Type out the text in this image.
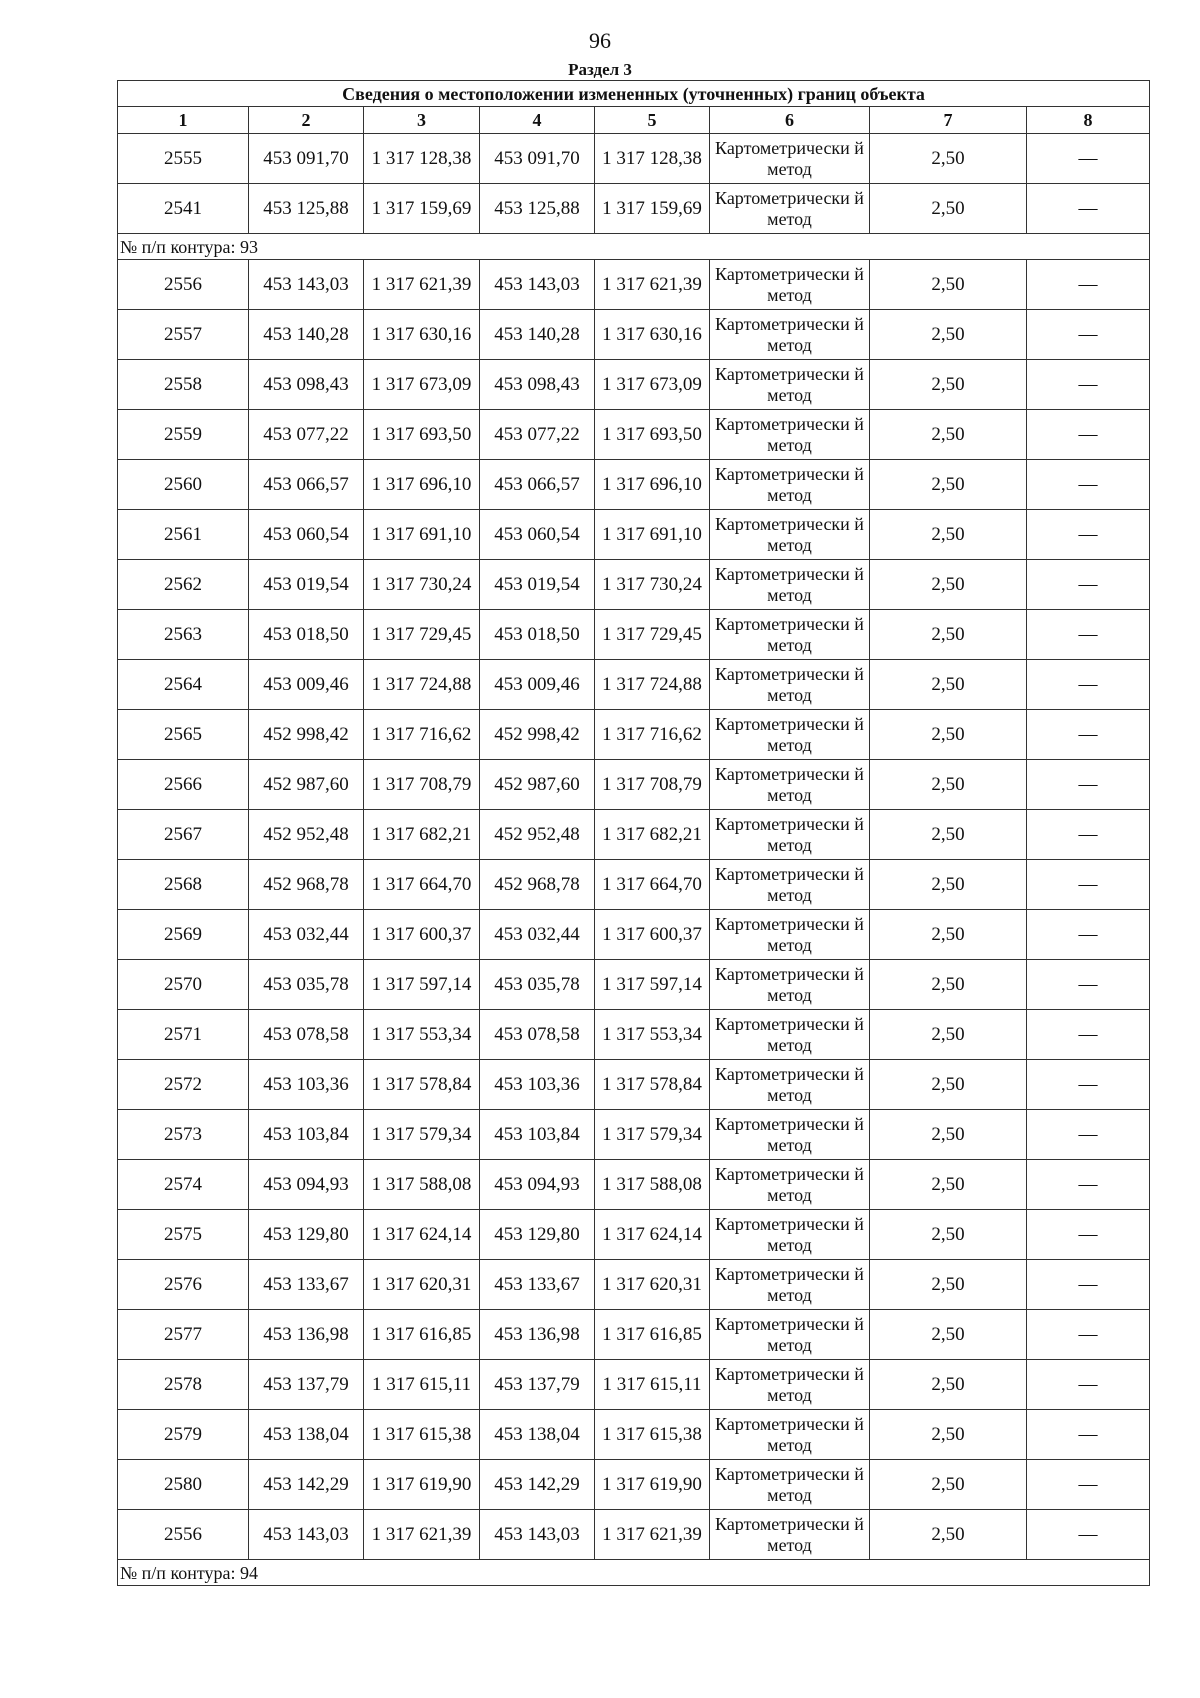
96
Раздел 3
Сведения о местоположении измененных (уточненных) границ объекта							
1	2	3	4	5	6	7	8
2555	453 091,70	1 317 128,38	453 091,70	1 317 128,38	Картометрически й метод	2,50	—
2541	453 125,88	1 317 159,69	453 125,88	1 317 159,69	Картометрически й метод	2,50	—
№ п/п контура: 93							
2556	453 143,03	1 317 621,39	453 143,03	1 317 621,39	Картометрически й метод	2,50	—
2557	453 140,28	1 317 630,16	453 140,28	1 317 630,16	Картометрически й метод	2,50	—
2558	453 098,43	1 317 673,09	453 098,43	1 317 673,09	Картометрически й метод	2,50	—
2559	453 077,22	1 317 693,50	453 077,22	1 317 693,50	Картометрически й метод	2,50	—
2560	453 066,57	1 317 696,10	453 066,57	1 317 696,10	Картометрически й метод	2,50	—
2561	453 060,54	1 317 691,10	453 060,54	1 317 691,10	Картометрически й метод	2,50	—
2562	453 019,54	1 317 730,24	453 019,54	1 317 730,24	Картометрически й метод	2,50	—
2563	453 018,50	1 317 729,45	453 018,50	1 317 729,45	Картометрически й метод	2,50	—
2564	453 009,46	1 317 724,88	453 009,46	1 317 724,88	Картометрически й метод	2,50	—
2565	452 998,42	1 317 716,62	452 998,42	1 317 716,62	Картометрически й метод	2,50	—
2566	452 987,60	1 317 708,79	452 987,60	1 317 708,79	Картометрически й метод	2,50	—
2567	452 952,48	1 317 682,21	452 952,48	1 317 682,21	Картометрически й метод	2,50	—
2568	452 968,78	1 317 664,70	452 968,78	1 317 664,70	Картометрически й метод	2,50	—
2569	453 032,44	1 317 600,37	453 032,44	1 317 600,37	Картометрически й метод	2,50	—
2570	453 035,78	1 317 597,14	453 035,78	1 317 597,14	Картометрически й метод	2,50	—
2571	453 078,58	1 317 553,34	453 078,58	1 317 553,34	Картометрически й метод	2,50	—
2572	453 103,36	1 317 578,84	453 103,36	1 317 578,84	Картометрически й метод	2,50	—
2573	453 103,84	1 317 579,34	453 103,84	1 317 579,34	Картометрически й метод	2,50	—
2574	453 094,93	1 317 588,08	453 094,93	1 317 588,08	Картометрически й метод	2,50	—
2575	453 129,80	1 317 624,14	453 129,80	1 317 624,14	Картометрически й метод	2,50	—
2576	453 133,67	1 317 620,31	453 133,67	1 317 620,31	Картометрически й метод	2,50	—
2577	453 136,98	1 317 616,85	453 136,98	1 317 616,85	Картометрически й метод	2,50	—
2578	453 137,79	1 317 615,11	453 137,79	1 317 615,11	Картометрически й метод	2,50	—
2579	453 138,04	1 317 615,38	453 138,04	1 317 615,38	Картометрически й метод	2,50	—
2580	453 142,29	1 317 619,90	453 142,29	1 317 619,90	Картометрически й метод	2,50	—
2556	453 143,03	1 317 621,39	453 143,03	1 317 621,39	Картометрически й метод	2,50	—
№ п/п контура: 94							
